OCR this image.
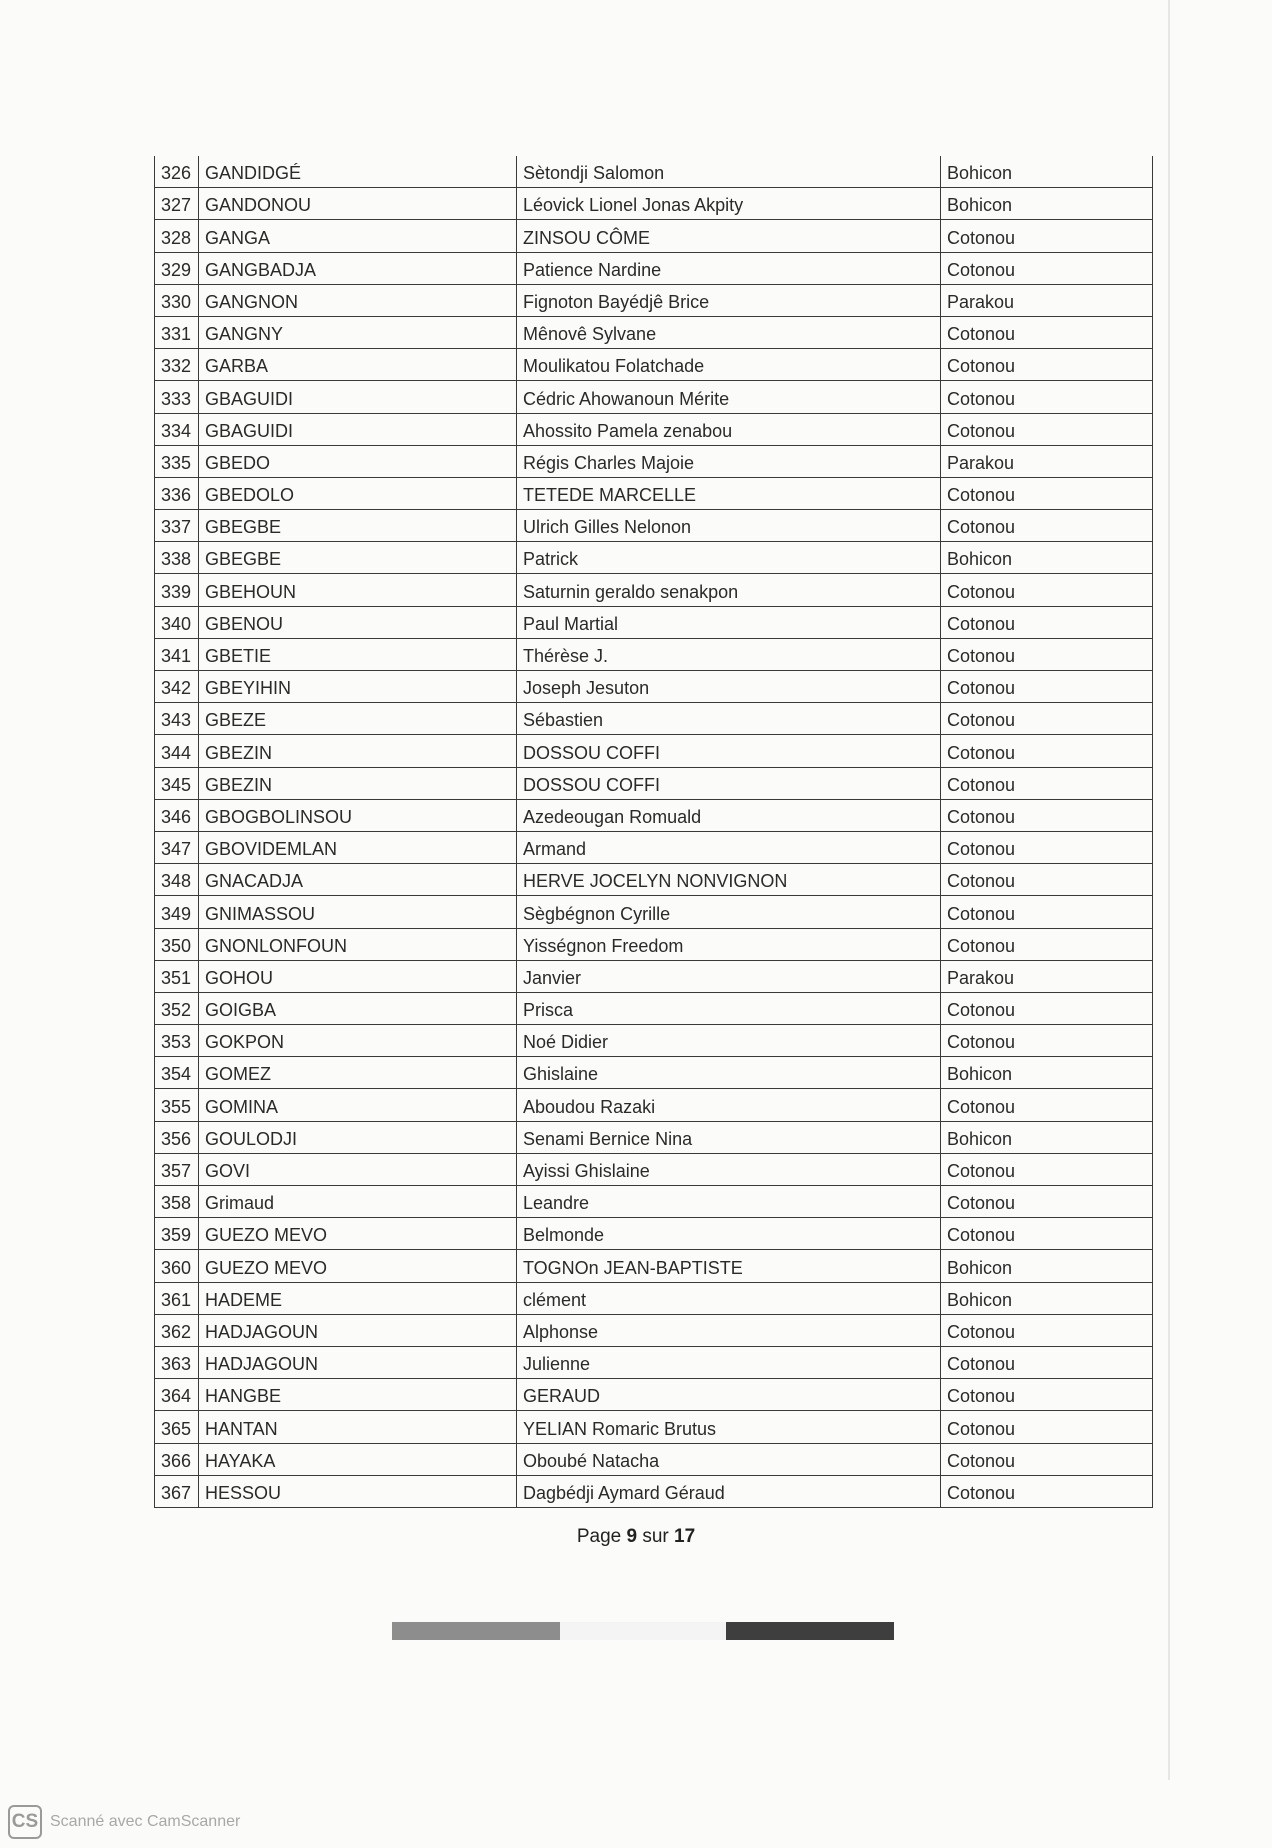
326	GANDIDGÉ	Sètondji Salomon	Bohicon
327	GANDONOU	Léovick Lionel Jonas Akpity	Bohicon
328	GANGA	ZINSOU CÔME	Cotonou
329	GANGBADJA	Patience Nardine	Cotonou
330	GANGNON	Fignoton Bayédjê Brice	Parakou
331	GANGNY	Mênovê Sylvane	Cotonou
332	GARBA	Moulikatou Folatchade	Cotonou
333	GBAGUIDI	Cédric Ahowanoun Mérite	Cotonou
334	GBAGUIDI	Ahossito Pamela zenabou	Cotonou
335	GBEDO	Régis Charles Majoie	Parakou
336	GBEDOLO	TETEDE MARCELLE	Cotonou
337	GBEGBE	Ulrich Gilles Nelonon	Cotonou
338	GBEGBE	Patrick	Bohicon
339	GBEHOUN	Saturnin geraldo senakpon	Cotonou
340	GBENOU	Paul Martial	Cotonou
341	GBETIE	Thérèse J.	Cotonou
342	GBEYIHIN	Joseph Jesuton	Cotonou
343	GBEZE	Sébastien	Cotonou
344	GBEZIN	DOSSOU COFFI	Cotonou
345	GBEZIN	DOSSOU COFFI	Cotonou
346	GBOGBOLINSOU	Azedeougan Romuald	Cotonou
347	GBOVIDEMLAN	Armand	Cotonou
348	GNACADJA	HERVE JOCELYN NONVIGNON	Cotonou
349	GNIMASSOU	Sègbégnon Cyrille	Cotonou
350	GNONLONFOUN	Yisségnon Freedom	Cotonou
351	GOHOU	Janvier	Parakou
352	GOIGBA	Prisca	Cotonou
353	GOKPON	Noé Didier	Cotonou
354	GOMEZ	Ghislaine	Bohicon
355	GOMINA	Aboudou Razaki	Cotonou
356	GOULODJI	Senami Bernice Nina	Bohicon
357	GOVI	Ayissi Ghislaine	Cotonou
358	Grimaud	Leandre	Cotonou
359	GUEZO MEVO	Belmonde	Cotonou
360	GUEZO MEVO	TOGNOn JEAN-BAPTISTE	Bohicon
361	HADEME	clément	Bohicon
362	HADJAGOUN	Alphonse	Cotonou
363	HADJAGOUN	Julienne	Cotonou
364	HANGBE	GERAUD	Cotonou
365	HANTAN	YELIAN Romaric Brutus	Cotonou
366	HAYAKA	Oboubé Natacha	Cotonou
367	HESSOU	Dagbédji Aymard Géraud	Cotonou
Page 9 sur 17
CS Scanné avec CamScanner
